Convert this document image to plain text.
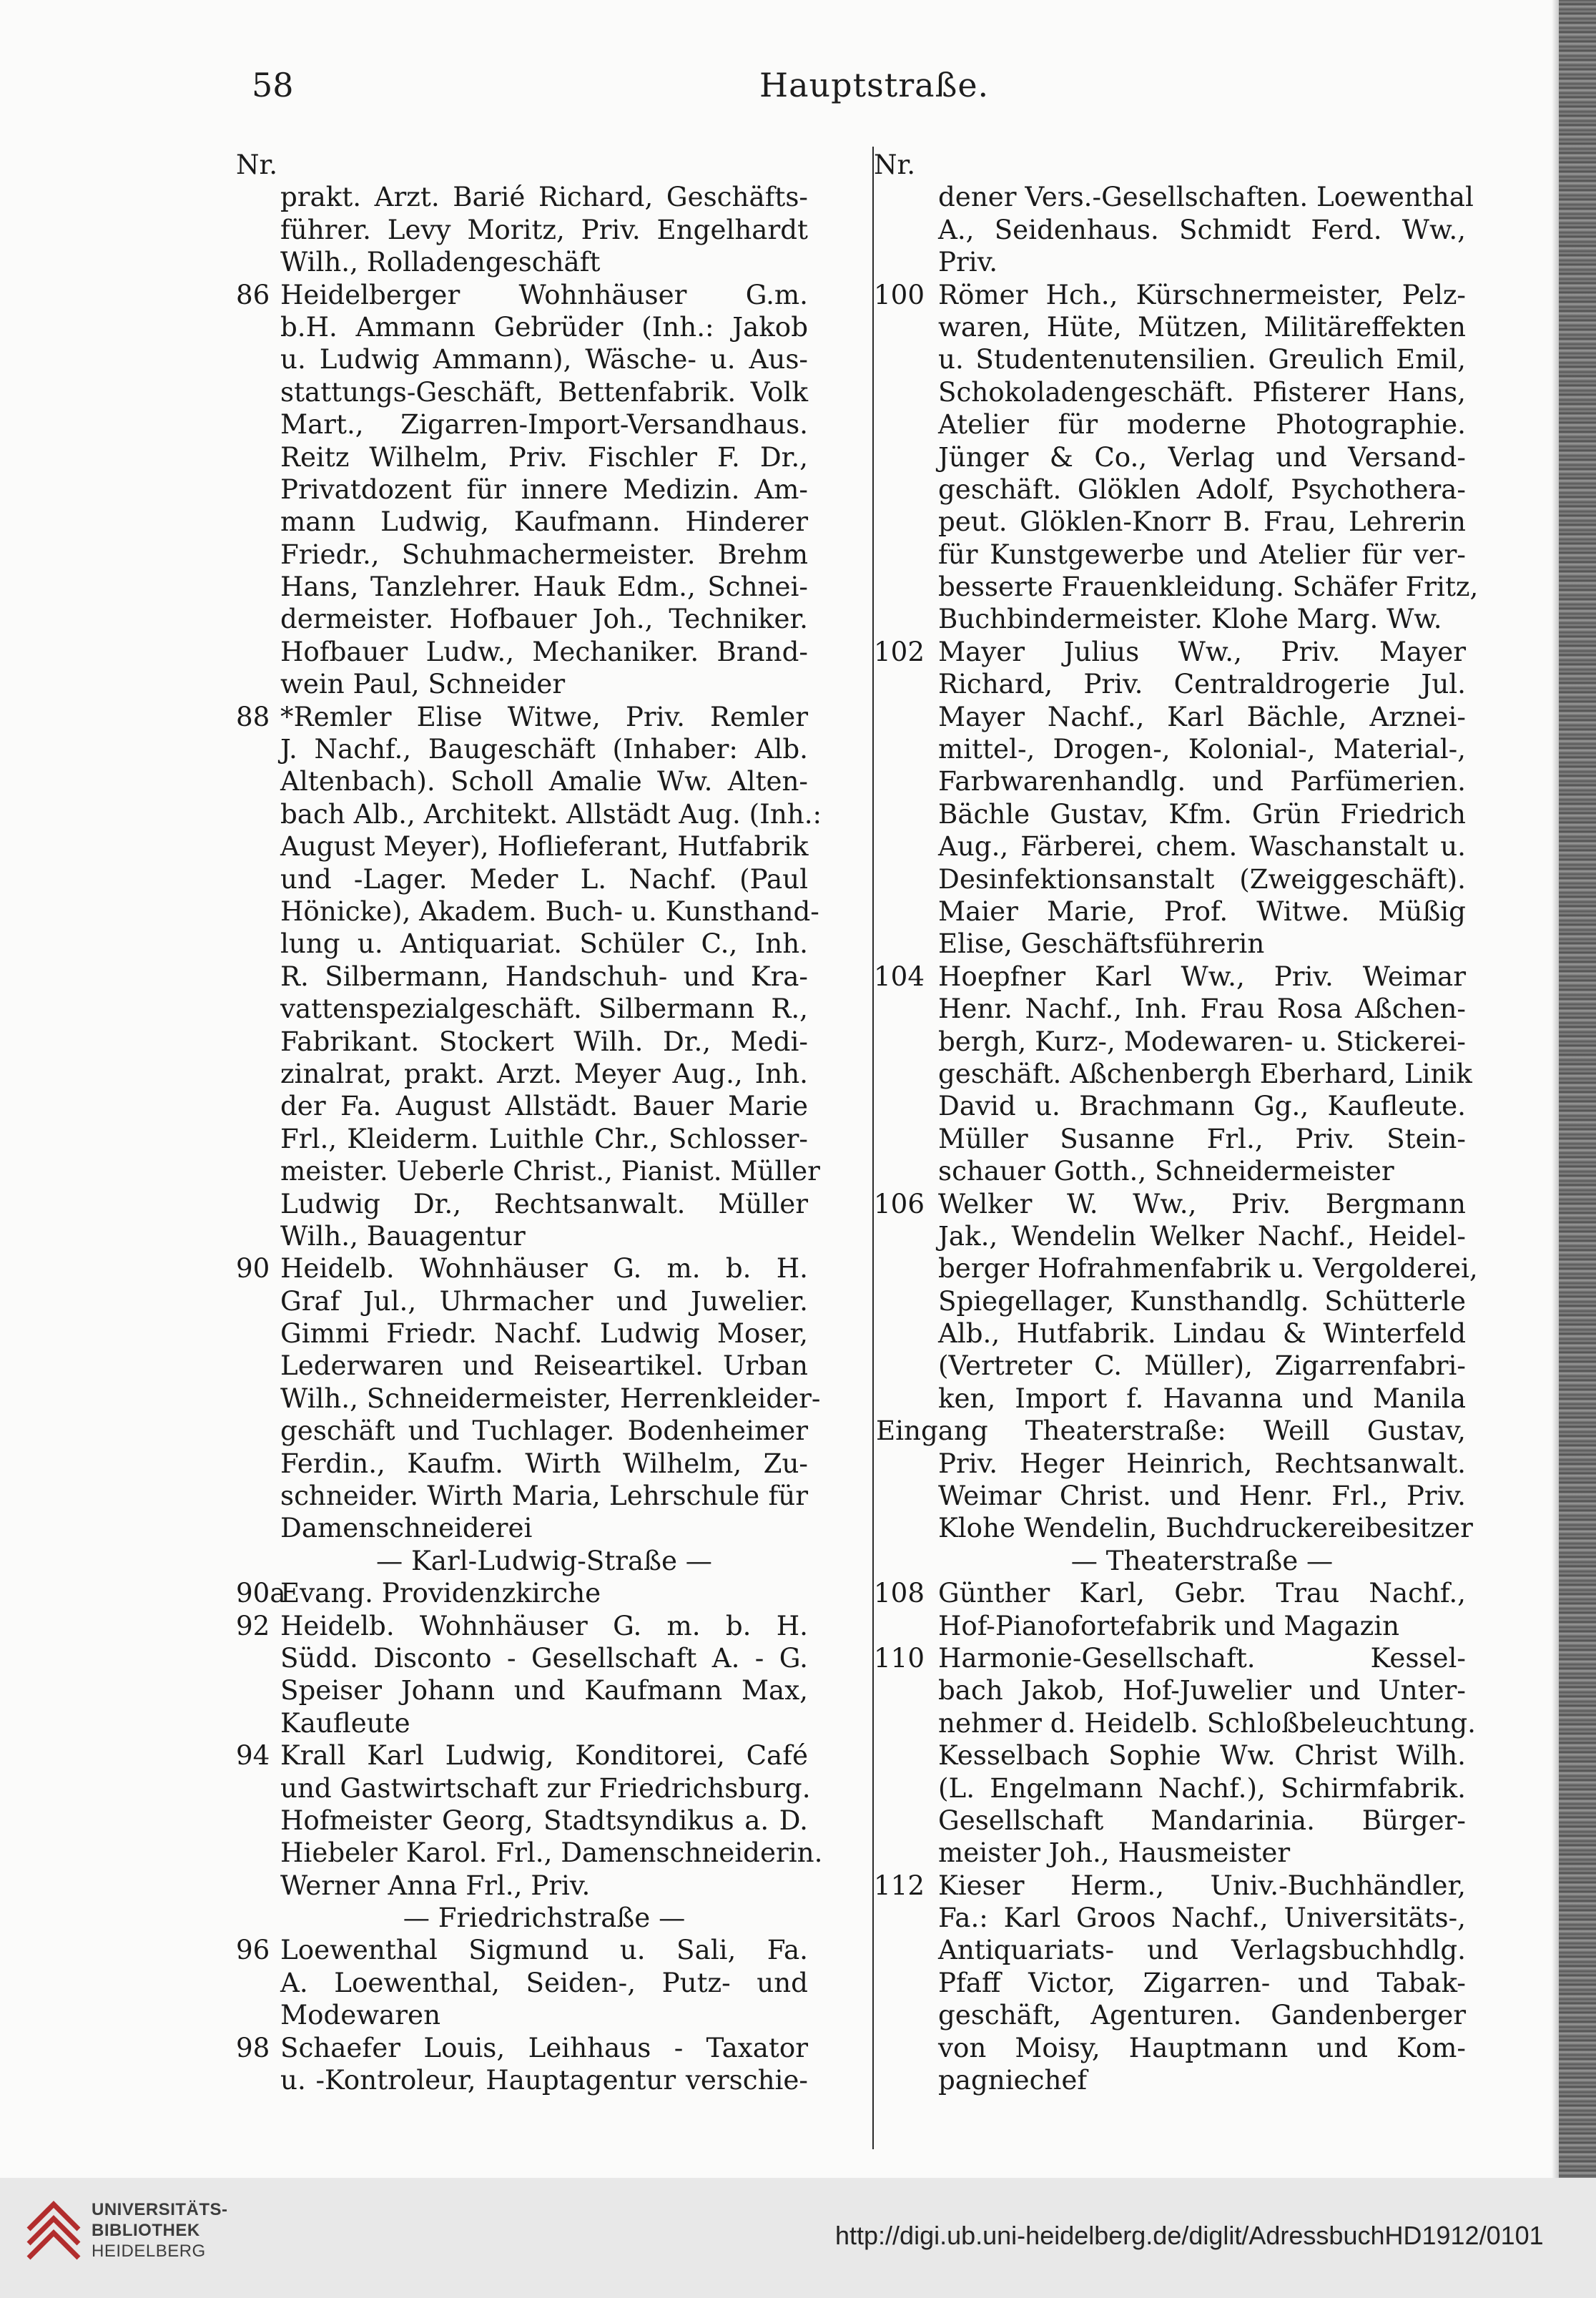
58	Hauptstraße.
Nr.
prakt. Arzt. Barié Richard, Geschäfts-
führer. Levy Moritz, Priv. Engelhardt
Wilh., Rolladengeschäft
86 Heidelberger Wohnhäuser G.m.
b.H. Ammann Gebrüder (Inh.: Jakob
u. Ludwig Ammann), Wäsche- u. Aus-
stattungs-Geschäft, Bettenfabrik. Volk
Mart., Zigarren-Import-Versandhaus.
Reitz Wilhelm, Priv. Fischler F. Dr.,
Privatdozent für innere Medizin. Am-
mann Ludwig, Kaufmann. Hinderer
Friedr., Schuhmachermeister. Brehm
Hans, Tanzlehrer. Hauk Edm., Schnei-
dermeister. Hofbauer Joh., Techniker.
Hofbauer Ludw., Mechaniker. Brand-
wein Paul, Schneider
88 *Remler Elise Witwe, Priv. Remler
J. Nachf., Baugeschäft (Inhaber: Alb.
Altenbach). Scholl Amalie Ww. Alten-
bach Alb., Architekt. Allstädt Aug. (Inh.:
August Meyer), Hoflieferant, Hutfabrik
und -Lager. Meder L. Nachf. (Paul
Hönicke), Akadem. Buch- u. Kunsthand-
lung u. Antiquariat. Schüler C., Inh.
R. Silbermann, Handschuh- und Kra-
vattenspezialgeschäft. Silbermann R.,
Fabrikant. Stockert Wilh. Dr., Medi-
zinalrat, prakt. Arzt. Meyer Aug., Inh.
der Fa. August Allstädt. Bauer Marie
Frl., Kleiderm. Luithle Chr., Schlosser-
meister. Ueberle Christ., Pianist. Müller
Ludwig Dr., Rechtsanwalt. Müller
Wilh., Bauagentur
90 Heidelb. Wohnhäuser G. m. b. H.
Graf Jul., Uhrmacher und Juwelier.
Gimmi Friedr. Nachf. Ludwig Moser,
Lederwaren und Reiseartikel. Urban
Wilh., Schneidermeister, Herrenkleider-
geschäft und Tuchlager. Bodenheimer
Ferdin., Kaufm. Wirth Wilhelm, Zu-
schneider. Wirth Maria, Lehrschule für
Damenschneiderei
— Karl-Ludwig-Straße —
90a
Evang. Providenzkirche
92 Heidelb. Wohnhäuser G. m. b. H.
Südd. Disconto - Gesellschaft A. - G.
Speiser Johann und Kaufmann Max,
Kaufleute
94 Krall Karl Ludwig, Konditorei, Café
und Gastwirtschaft zur Friedrichsburg.
Hofmeister Georg, Stadtsyndikus a. D.
Hiebeler Karol. Frl., Damenschneiderin.
Werner Anna Frl., Priv.
— Friedrichstraße —
96 Loewenthal Sigmund u. Sali, Fa.
A. Loewenthal, Seiden-, Putz- und
Modewaren
98 Schaefer Louis, Leihhaus - Taxator
u. -Kontroleur, Hauptagentur verschie-
Nr.
dener Vers.-Gesellschaften. Loewenthal
A., Seidenhaus. Schmidt Ferd. Ww.,
Priv.
100 Römer Hch., Kürschnermeister, Pelz-
waren, Hüte, Mützen, Militäreffekten
u. Studentenutensilien. Greulich Emil,
Schokoladengeschäft. Pfisterer Hans,
Atelier für moderne Photographie.
Jünger & Co., Verlag und Versand-
geschäft. Glöklen Adolf, Psychothera-
peut. Glöklen-Knorr B. Frau, Lehrerin
für Kunstgewerbe und Atelier für ver-
besserte Frauenkleidung. Schäfer Fritz,
Buchbindermeister. Klohe Marg. Ww.
102 Mayer Julius Ww., Priv. Mayer
Richard, Priv. Centraldrogerie Jul.
Mayer Nachf., Karl Bächle, Arznei-
mittel-, Drogen-, Kolonial-, Material-,
Farbwarenhandlg. und Parfümerien.
Bächle Gustav, Kfm. Grün Friedrich
Aug., Färberei, chem. Waschanstalt u.
Desinfektionsanstalt (Zweiggeschäft).
Maier Marie, Prof. Witwe. Müßig
Elise, Geschäftsführerin
104 Hoepfner Karl Ww., Priv. Weimar
Henr. Nachf., Inh. Frau Rosa Aßchen-
bergh, Kurz-, Modewaren- u. Stickerei-
geschäft. Aßchenbergh Eberhard, Linik
David u. Brachmann Gg., Kaufleute.
Müller Susanne Frl., Priv. Stein-
schauer Gotth., Schneidermeister
106 Welker W. Ww., Priv. Bergmann
Jak., Wendelin Welker Nachf., Heidel-
berger Hofrahmenfabrik u. Vergolderei,
Spiegellager, Kunsthandlg. Schütterle
Alb., Hutfabrik. Lindau & Winterfeld
(Vertreter C. Müller), Zigarrenfabri-
ken, Import f. Havanna und Manila
Eingang Theaterstraße: Weill Gustav,
Priv. Heger Heinrich, Rechtsanwalt.
Weimar Christ. und Henr. Frl., Priv.
Klohe Wendelin, Buchdruckereibesitzer
— Theaterstraße —
108 Günther Karl, Gebr. Trau Nachf.,
Hof-Pianofortefabrik und Magazin
110 Harmonie-Gesellschaft. Kessel-
bach Jakob, Hof-Juwelier und Unter-
nehmer d. Heidelb. Schloßbeleuchtung.
Kesselbach Sophie Ww. Christ Wilh.
(L. Engelmann Nachf.), Schirmfabrik.
Gesellschaft Mandarinia. Bürger-
meister Joh., Hausmeister
112 Kieser Herm., Univ.-Buchhändler,
Fa.: Karl Groos Nachf., Universitäts-,
Antiquariats- und Verlagsbuchhdlg.
Pfaff Victor, Zigarren- und Tabak-
geschäft, Agenturen. Gandenberger
von Moisy, Hauptmann und Kom-
pagniechef
UNIVERSITÄTS-
BIBLIOTHEK
HEIDELBERG
http://digi.ub.uni-heidelberg.de/diglit/AdressbuchHD1912/0101
